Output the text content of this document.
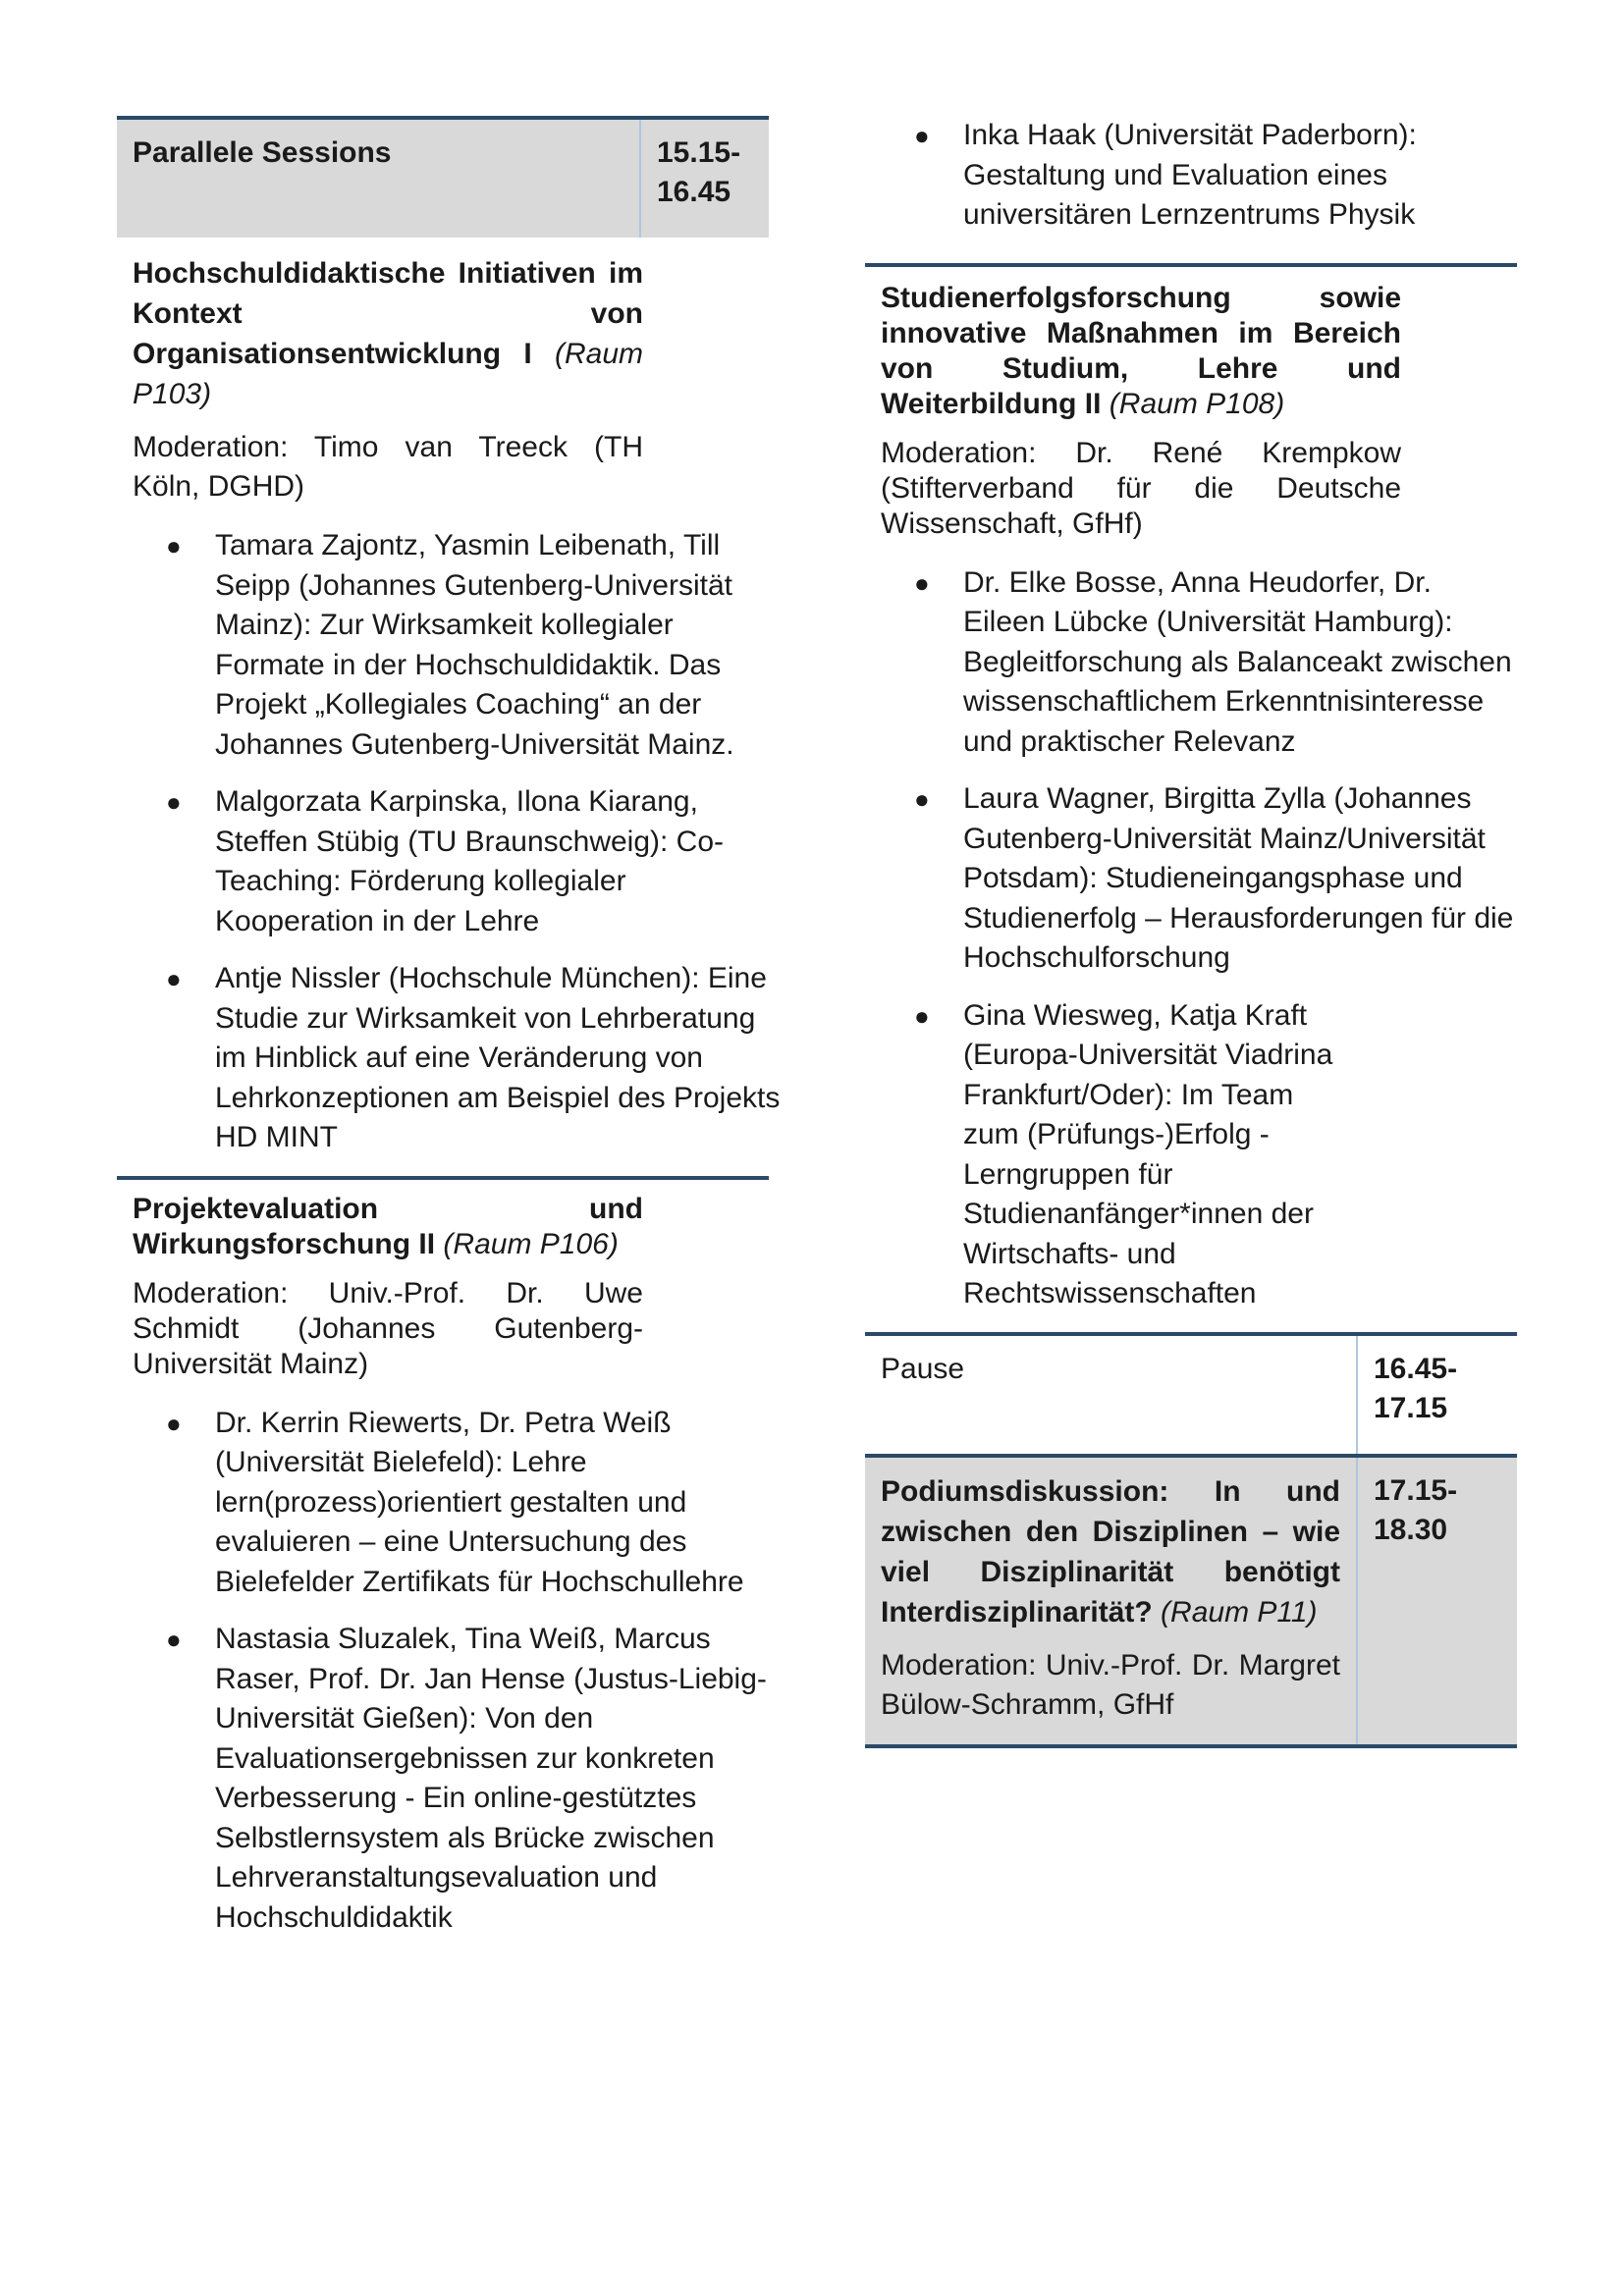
Parallele Sessions	15.15-16.45
Hochschuldidaktische Initiativen im Kontext von Organisationsentwicklung I (Raum P103)
Moderation: Timo van Treeck (TH Köln, DGHD)
● Tamara Zajontz, Yasmin Leibenath, Till Seipp (Johannes Gutenberg-Universität Mainz): Zur Wirksamkeit kollegialer Formate in der Hochschuldidaktik. Das Projekt „Kollegiales Coaching“ an der Johannes Gutenberg-Universität Mainz.
● Malgorzata Karpinska, Ilona Kiarang, Steffen Stübig (TU Braunschweig): Co-Teaching: Förderung kollegialer Kooperation in der Lehre
● Antje Nissler (Hochschule München): Eine Studie zur Wirksamkeit von Lehrberatung im Hinblick auf eine Veränderung von Lehrkonzeptionen am Beispiel des Projekts HD MINT
Projektevaluation und Wirkungsforschung II (Raum P106)
Moderation: Univ.-Prof. Dr. Uwe Schmidt (Johannes Gutenberg-Universität Mainz)
● Dr. Kerrin Riewerts, Dr. Petra Weiß (Universität Bielefeld): Lehre lern(prozess)orientiert gestalten und evaluieren – eine Untersuchung des Bielefelder Zertifikats für Hochschullehre
● Nastasia Sluzalek, Tina Weiß, Marcus Raser, Prof. Dr. Jan Hense (Justus-Liebig-Universität Gießen): Von den Evaluationsergebnissen zur konkreten Verbesserung - Ein online-gestütztes Selbstlernsystem als Brücke zwischen Lehrveranstaltungsevaluation und Hochschuldidaktik
● Inka Haak (Universität Paderborn): Gestaltung und Evaluation eines universitären Lernzentrums Physik
Studienerfolgsforschung sowie innovative Maßnahmen im Bereich von Studium, Lehre und Weiterbildung II (Raum P108)
Moderation: Dr. René Krempkow (Stifterverband für die Deutsche Wissenschaft, GfHf)
● Dr. Elke Bosse, Anna Heudorfer, Dr. Eileen Lübcke (Universität Hamburg): Begleitforschung als Balanceakt zwischen wissenschaftlichem Erkenntnisinteresse und praktischer Relevanz
● Laura Wagner, Birgitta Zylla (Johannes Gutenberg-Universität Mainz/Universität Potsdam): Studieneingangsphase und Studienerfolg – Herausforderungen für die Hochschulforschung
● Gina Wiesweg, Katja Kraft (Europa-Universität Viadrina Frankfurt/Oder): Im Team zum (Prüfungs-)Erfolg - Lerngruppen für Studienanfänger*innen der Wirtschafts- und Rechtswissenschaften
Pause	16.45-17.15
Podiumsdiskussion: In und zwischen den Disziplinen – wie viel Disziplinarität benötigt Interdisziplinarität? (Raum P11)
Moderation: Univ.-Prof. Dr. Margret Bülow-Schramm, GfHf
17.15-18.30
